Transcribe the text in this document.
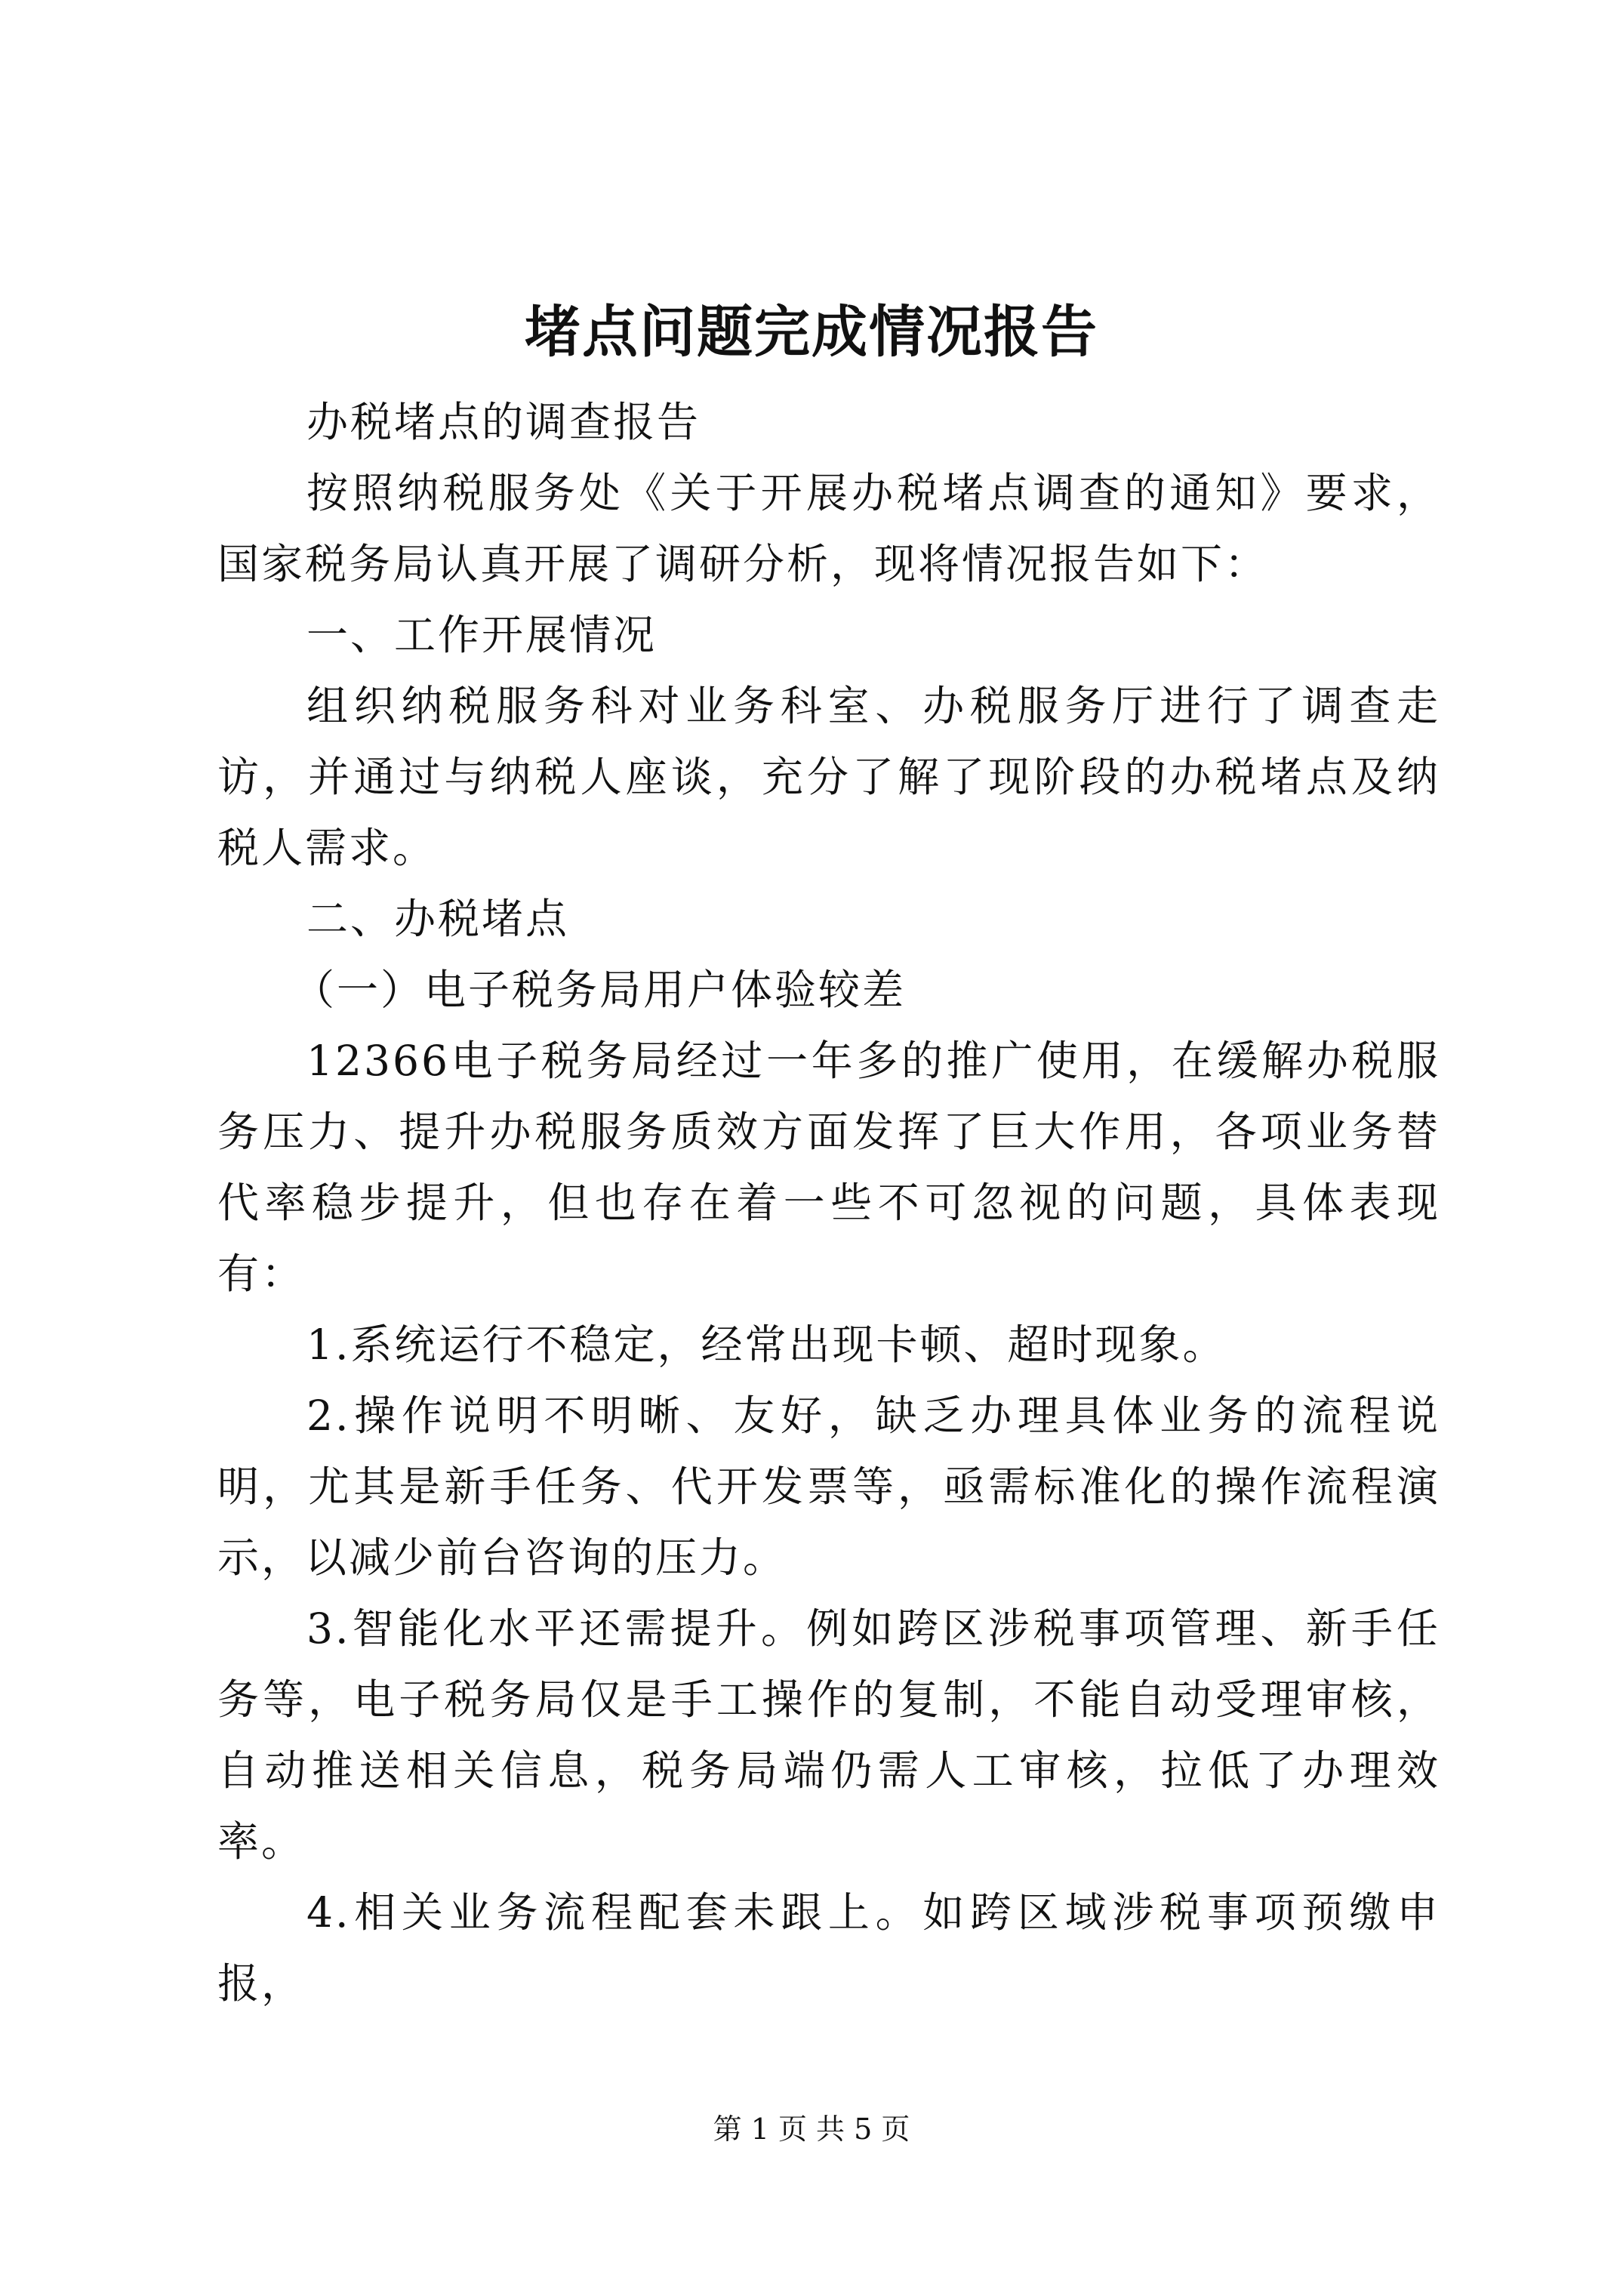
堵点问题完成情况报告

办税堵点的调查报告

按照纳税服务处《关于开展办税堵点调查的通知》要求，国家税务局认真开展了调研分析，现将情况报告如下：

一、工作开展情况

组织纳税服务科对业务科室、办税服务厅进行了调查走访，并通过与纳税人座谈，充分了解了现阶段的办税堵点及纳税人需求。

二、办税堵点

（一）电子税务局用户体验较差

12366电子税务局经过一年多的推广使用，在缓解办税服务压力、提升办税服务质效方面发挥了巨大作用，各项业务替代率稳步提升，但也存在着一些不可忽视的问题，具体表现有：

1.系统运行不稳定，经常出现卡顿、超时现象。

2.操作说明不明晰、友好，缺乏办理具体业务的流程说明，尤其是新手任务、代开发票等，亟需标准化的操作流程演示，以减少前台咨询的压力。

3.智能化水平还需提升。例如跨区涉税事项管理、新手任务等，电子税务局仅是手工操作的复制，不能自动受理审核，自动推送相关信息，税务局端仍需人工审核，拉低了办理效率。

4.相关业务流程配套未跟上。如跨区域涉税事项预缴申报，

第 1 页 共 5 页
